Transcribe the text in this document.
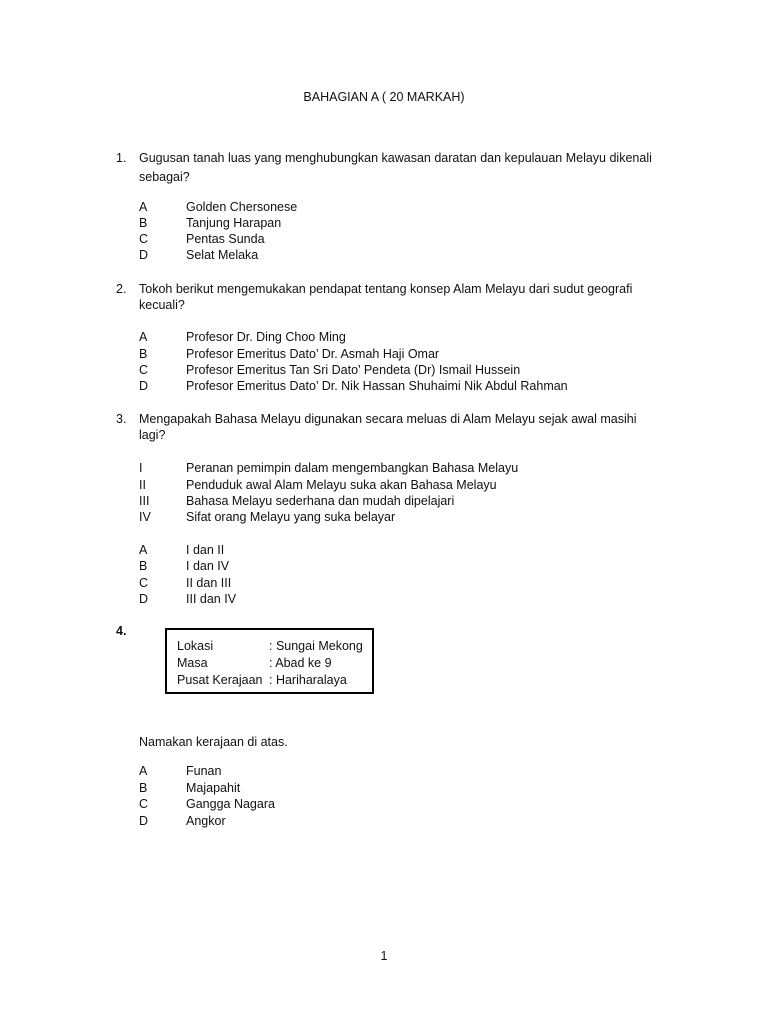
BAHAGIAN A ( 20 MARKAH)
1. Gugusan tanah luas yang menghubungkan kawasan daratan dan kepulauan Melayu dikenali
sebagai?
A	Golden Chersonese
B	Tanjung Harapan
C	Pentas Sunda
D	Selat Melaka
2. Tokoh berikut mengemukakan pendapat tentang konsep Alam Melayu dari sudut geografi
kecuali?
A	Profesor Dr. Ding Choo Ming
B	Profesor Emeritus Dato’ Dr. Asmah Haji Omar
C	Profesor Emeritus Tan Sri Dato’ Pendeta (Dr) Ismail Hussein
D	Profesor Emeritus Dato’ Dr. Nik Hassan Shuhaimi Nik Abdul Rahman
3. Mengapakah Bahasa Melayu digunakan secara meluas di Alam Melayu sejak awal masihi
lagi?
I	Peranan pemimpin dalam mengembangkan Bahasa Melayu
II	Penduduk awal Alam Melayu suka akan Bahasa Melayu
III	Bahasa Melayu sederhana dan mudah dipelajari
IV	Sifat orang Melayu yang suka belayar
A	I dan II
B	I dan IV
C	II dan III
D	III dan IV
4.
Lokasi	: Sungai Mekong
Masa	: Abad ke 9
Pusat Kerajaan : Hariharalaya
Namakan kerajaan di atas.
A	Funan
B	Majapahit
C	Gangga Nagara
D	Angkor
1
